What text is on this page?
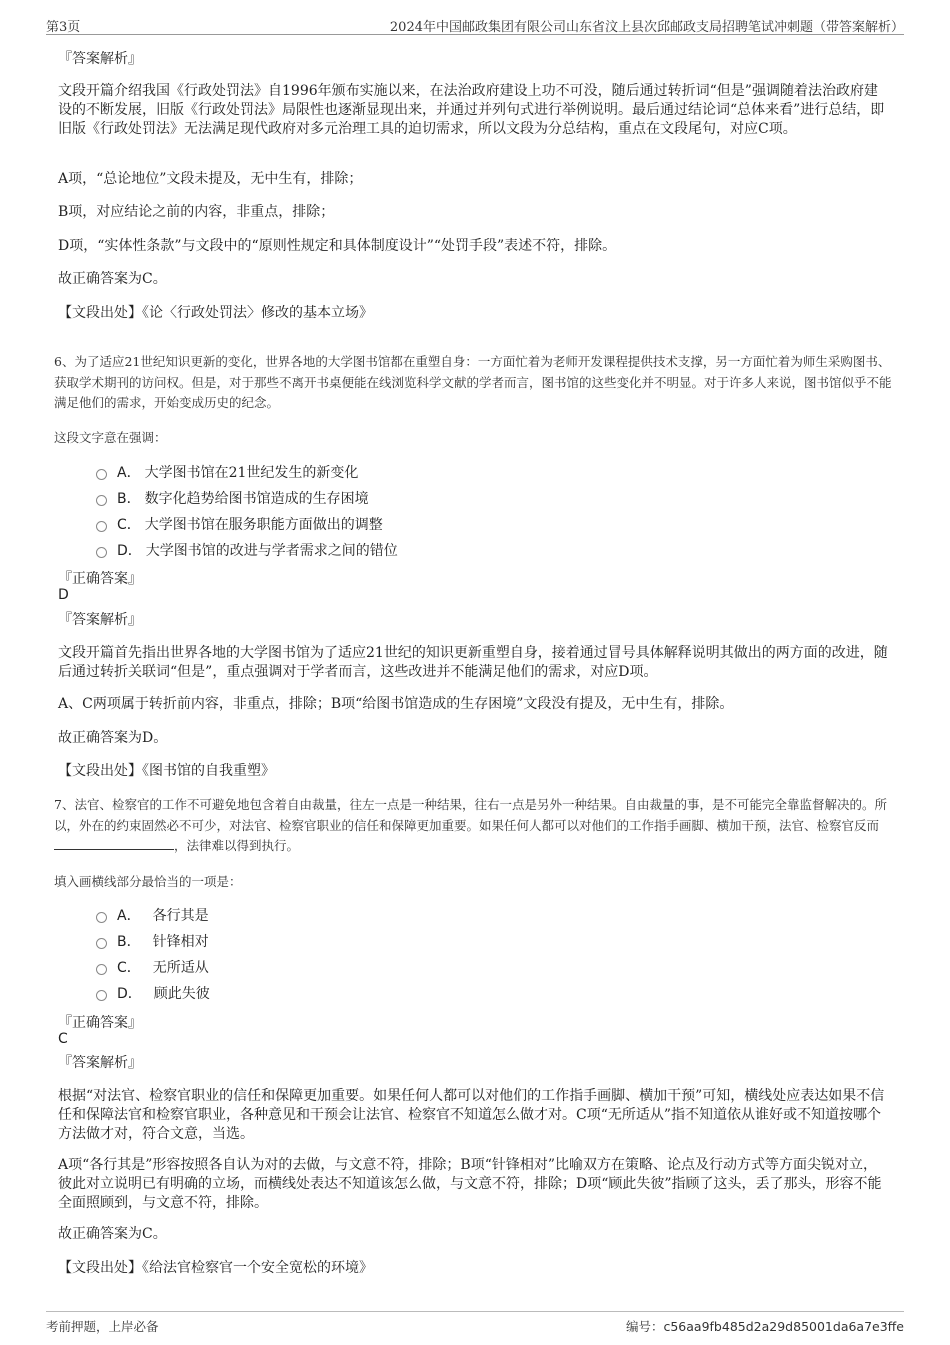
第3页	2024年中国邮政集团有限公司山东省汶上县次邱邮政支局招聘笔试冲刺题（带答案解析）
『答案解析』
文段开篇介绍我国《行政处罚法》自1996年颁布实施以来，在法治政府建设上功不可没，随后通过转折词“但是”强调随着法治政府建设的不断发展，旧版《行政处罚法》局限性也逐渐显现出来，并通过并列句式进行举例说明。最后通过结论词“总体来看”进行总结，即旧版《行政处罚法》无法满足现代政府对多元治理工具的迫切需求，所以文段为分总结构，重点在文段尾句，对应C项。
A项，“总论地位”文段未提及，无中生有，排除；
B项，对应结论之前的内容，非重点，排除；
D项，“实体性条款”与文段中的“原则性规定和具体制度设计”“处罚手段”表述不符，排除。
故正确答案为C。
【文段出处】《论〈行政处罚法〉修改的基本立场》
6、为了适应21世纪知识更新的变化，世界各地的大学图书馆都在重塑自身：一方面忙着为老师开发课程提供技术支撑，另一方面忙着为师生采购图书、获取学术期刊的访问权。但是，对于那些不离开书桌便能在线浏览科学文献的学者而言，图书馆的这些变化并不明显。对于许多人来说，图书馆似乎不能满足他们的需求，开始变成历史的纪念。
这段文字意在强调：
A． 大学图书馆在21世纪发生的新变化
B． 数字化趋势给图书馆造成的生存困境
C． 大学图书馆在服务职能方面做出的调整
D． 大学图书馆的改进与学者需求之间的错位
『正确答案』
D
『答案解析』
文段开篇首先指出世界各地的大学图书馆为了适应21世纪的知识更新重塑自身，接着通过冒号具体解释说明其做出的两方面的改进，随后通过转折关联词“但是”，重点强调对于学者而言，这些改进并不能满足他们的需求，对应D项。
A、C两项属于转折前内容，非重点，排除；B项“给图书馆造成的生存困境”文段没有提及，无中生有，排除。
故正确答案为D。
【文段出处】《图书馆的自我重塑》
7、法官、检察官的工作不可避免地包含着自由裁量，往左一点是一种结果，往右一点是另外一种结果。自由裁量的事，是不可能完全靠监督解决的。所以，外在的约束固然必不可少，对法官、检察官职业的信任和保障更加重要。如果任何人都可以对他们的工作指手画脚、横加干预，法官、检察官反而，法律难以得到执行。
填入画横线部分最恰当的一项是：
A． 各行其是
B． 针锋相对
C． 无所适从
D． 顾此失彼
『正确答案』
C
『答案解析』
根据“对法官、检察官职业的信任和保障更加重要。如果任何人都可以对他们的工作指手画脚、横加干预”可知，横线处应表达如果不信任和保障法官和检察官职业，各种意见和干预会让法官、检察官不知道怎么做才对。C项“无所适从”指不知道依从谁好或不知道按哪个方法做才对，符合文意，当选。
A项“各行其是”形容按照各自认为对的去做，与文意不符，排除；B项“针锋相对”比喻双方在策略、论点及行动方式等方面尖锐对立，彼此对立说明已有明确的立场，而横线处表达不知道该怎么做，与文意不符，排除；D项“顾此失彼”指顾了这头，丢了那头，形容不能全面照顾到，与文意不符，排除。
故正确答案为C。
【文段出处】《给法官检察官一个安全宽松的环境》
考前押题，上岸必备	编号：c56aa9fb485d2a29d85001da6a7e3ffe
